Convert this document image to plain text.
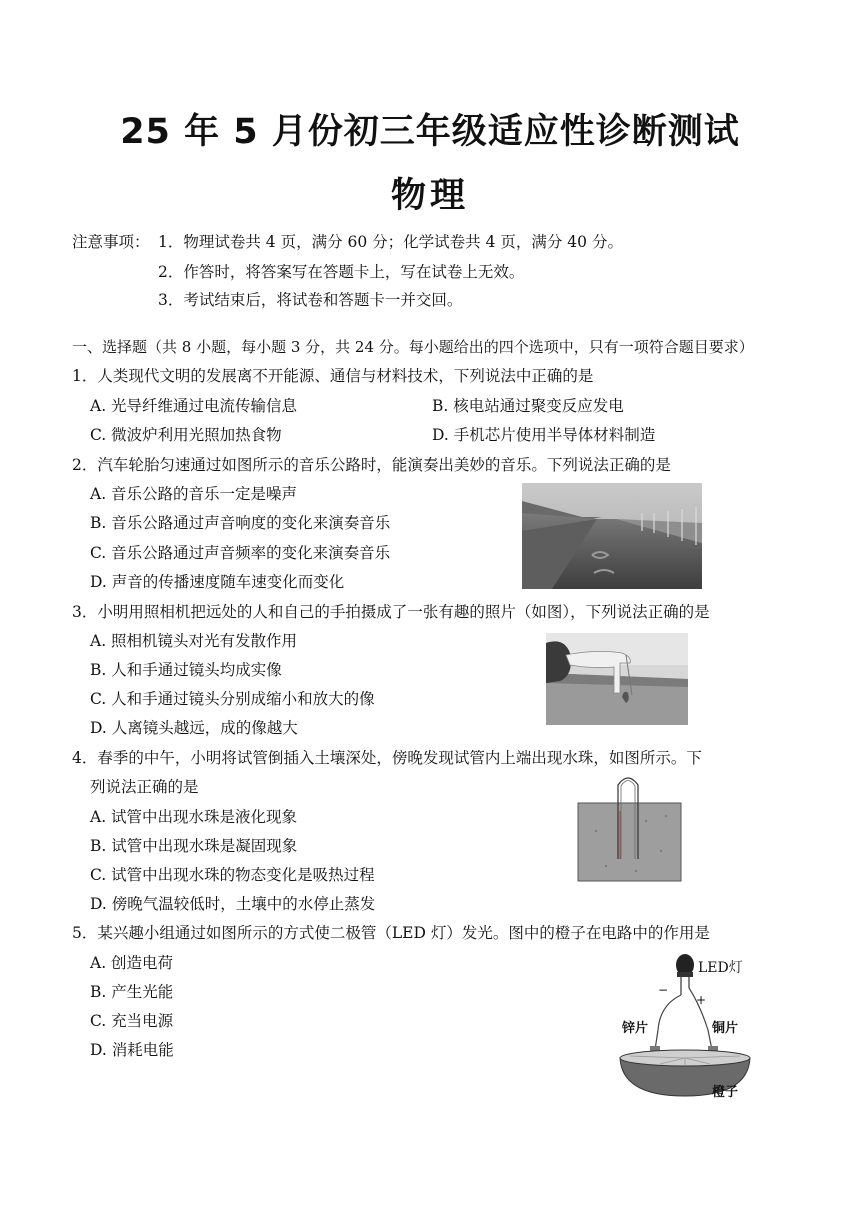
25 年 5 月份初三年级适应性诊断测试
物理
注意事项： 1．物理试卷共 4 页，满分 60 分；化学试卷共 4 页，满分 40 分。
2．作答时，将答案写在答题卡上，写在试卷上无效。
3．考试结束后，将试卷和答题卡一并交回。
一、选择题（共 8 小题，每小题 3 分，共 24 分。每小题给出的四个选项中，只有一项符合题目要求）
1．人类现代文明的发展离不开能源、通信与材料技术，下列说法中正确的是
A. 光导纤维通过电流传输信息	B. 核电站通过聚变反应发电
C. 微波炉利用光照加热食物	D. 手机芯片使用半导体材料制造
2．汽车轮胎匀速通过如图所示的音乐公路时，能演奏出美妙的音乐。下列说法正确的是
A. 音乐公路的音乐一定是噪声
B. 音乐公路通过声音响度的变化来演奏音乐
C. 音乐公路通过声音频率的变化来演奏音乐
D. 声音的传播速度随车速变化而变化
3．小明用照相机把远处的人和自己的手拍摄成了一张有趣的照片（如图），下列说法正确的是
A. 照相机镜头对光有发散作用
B. 人和手通过镜头均成实像
C. 人和手通过镜头分别成缩小和放大的像
D. 人离镜头越远，成的像越大
4．春季的中午，小明将试管倒插入土壤深处，傍晚发现试管内上端出现水珠，如图所示。下
列说法正确的是
A. 试管中出现水珠是液化现象
B. 试管中出现水珠是凝固现象
C. 试管中出现水珠的物态变化是吸热过程
D. 傍晚气温较低时，土壤中的水停止蒸发
5．某兴趣小组通过如图所示的方式使二极管（LED 灯）发光。图中的橙子在电路中的作用是
A. 创造电荷
B. 产生光能
C. 充当电源
D. 消耗电能
−
+
LED灯
锌片	铜片
橙子
